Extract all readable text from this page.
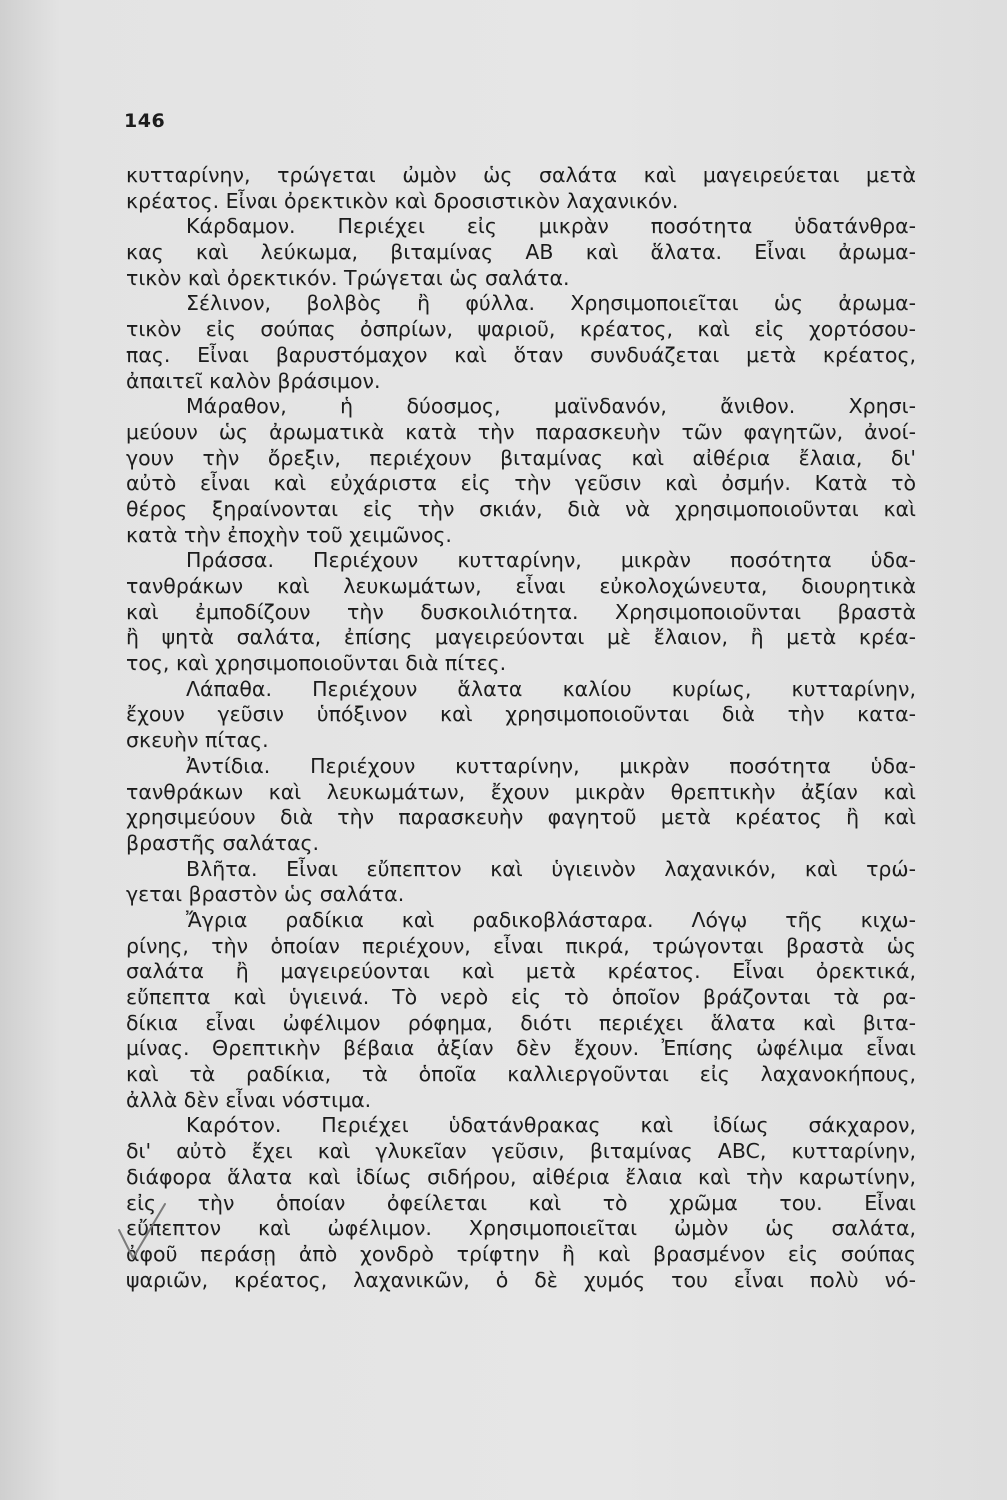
146
κυτταρίνην, τρώγεται ὠμὸν ὡς σαλάτα καὶ μαγειρεύεται μετὰ
κρέατος. Εἶναι ὀρεκτικὸν καὶ δροσιστικὸν λαχανικόν.
Κάρδαμον. Περιέχει εἰς μικρὰν ποσότητα ὑδατάνθρα-
κας καὶ λεύκωμα, βιταμίνας ΑΒ καὶ ἅλατα. Εἶναι ἀρωμα-
τικὸν καὶ ὀρεκτικόν. Τρώγεται ὡς σαλάτα.
Σέλινον, βολβὸς ἢ φύλλα. Χρησιμοποιεῖται ὡς ἀρωμα-
τικὸν εἰς σούπας ὀσπρίων, ψαριοῦ, κρέατος, καὶ εἰς χορτόσου-
πας. Εἶναι βαρυστόμαχον καὶ ὅταν συνδυάζεται μετὰ κρέατος,
ἀπαιτεῖ καλὸν βράσιμον.
Μάραθον, ἡ δύοσμος, μαϊνδανόν, ἄνιθον. Χρησι-
μεύουν ὡς ἀρωματικὰ κατὰ τὴν παρασκευὴν τῶν φαγητῶν, ἀνοί-
γουν τὴν ὄρεξιν, περιέχουν βιταμίνας καὶ αἰθέρια ἔλαια, δι'
αὐτὸ εἶναι καὶ εὐχάριστα εἰς τὴν γεῦσιν καὶ ὀσμήν. Κατὰ τὸ
θέρος ξηραίνονται εἰς τὴν σκιάν, διὰ νὰ χρησιμοποιοῦνται καὶ
κατὰ τὴν ἐποχὴν τοῦ χειμῶνος.
Πράσσα. Περιέχουν κυτταρίνην, μικρὰν ποσότητα ὑδα-
τανθράκων καὶ λευκωμάτων, εἶναι εὐκολοχώνευτα, διουρητικὰ
καὶ ἐμποδίζουν τὴν δυσκοιλιότητα. Χρησιμοποιοῦνται βραστὰ
ἢ ψητὰ σαλάτα, ἐπίσης μαγειρεύονται μὲ ἔλαιον, ἢ μετὰ κρέα-
τος, καὶ χρησιμοποιοῦνται διὰ πίτες.
Λάπαθα. Περιέχουν ἅλατα καλίου κυρίως, κυτταρίνην,
ἔχουν γεῦσιν ὑπόξινον καὶ χρησιμοποιοῦνται διὰ τὴν κατα-
σκευὴν πίτας.
Ἀντίδια. Περιέχουν κυτταρίνην, μικρὰν ποσότητα ὑδα-
τανθράκων καὶ λευκωμάτων, ἔχουν μικρὰν θρεπτικὴν ἀξίαν καὶ
χρησιμεύουν διὰ τὴν παρασκευὴν φαγητοῦ μετὰ κρέατος ἢ καὶ
βραστῆς σαλάτας.
Βλῆτα. Εἶναι εὔπεπτον καὶ ὑγιεινὸν λαχανικόν, καὶ τρώ-
γεται βραστὸν ὡς σαλάτα.
Ἄγρια ραδίκια καὶ ραδικοβλάσταρα. Λόγῳ τῆς κιχω-
ρίνης, τὴν ὁποίαν περιέχουν, εἶναι πικρά, τρώγονται βραστὰ ὡς
σαλάτα ἢ μαγειρεύονται καὶ μετὰ κρέατος. Εἶναι ὀρεκτικά,
εὔπεπτα καὶ ὑγιεινά. Τὸ νερὸ εἰς τὸ ὁποῖον βράζονται τὰ ρα-
δίκια εἶναι ὠφέλιμον ρόφημα, διότι περιέχει ἅλατα καὶ βιτα-
μίνας. Θρεπτικὴν βέβαια ἀξίαν δὲν ἔχουν. Ἐπίσης ὠφέλιμα εἶναι
καὶ τὰ ραδίκια, τὰ ὁποῖα καλλιεργοῦνται εἰς λαχανοκήπους,
ἀλλὰ δὲν εἶναι νόστιμα.
Καρότον. Περιέχει ὑδατάνθρακας καὶ ἰδίως σάκχαρον,
δι' αὐτὸ ἔχει καὶ γλυκεῖαν γεῦσιν, βιταμίνας ABC, κυτταρίνην,
διάφορα ἅλατα καὶ ἰδίως σιδήρου, αἰθέρια ἔλαια καὶ τὴν καρωτίνην,
εἰς τὴν ὁποίαν ὀφείλεται καὶ τὸ χρῶμα του. Εἶναι
εὔπεπτον καὶ ὠφέλιμον. Χρησιμοποιεῖται ὠμὸν ὡς σαλάτα,
ἀφοῦ περάσῃ ἀπὸ χονδρὸ τρίφτην ἢ καὶ βρασμένον εἰς σούπας
ψαριῶν, κρέατος, λαχανικῶν, ὁ δὲ χυμός του εἶναι πολὺ νό-
